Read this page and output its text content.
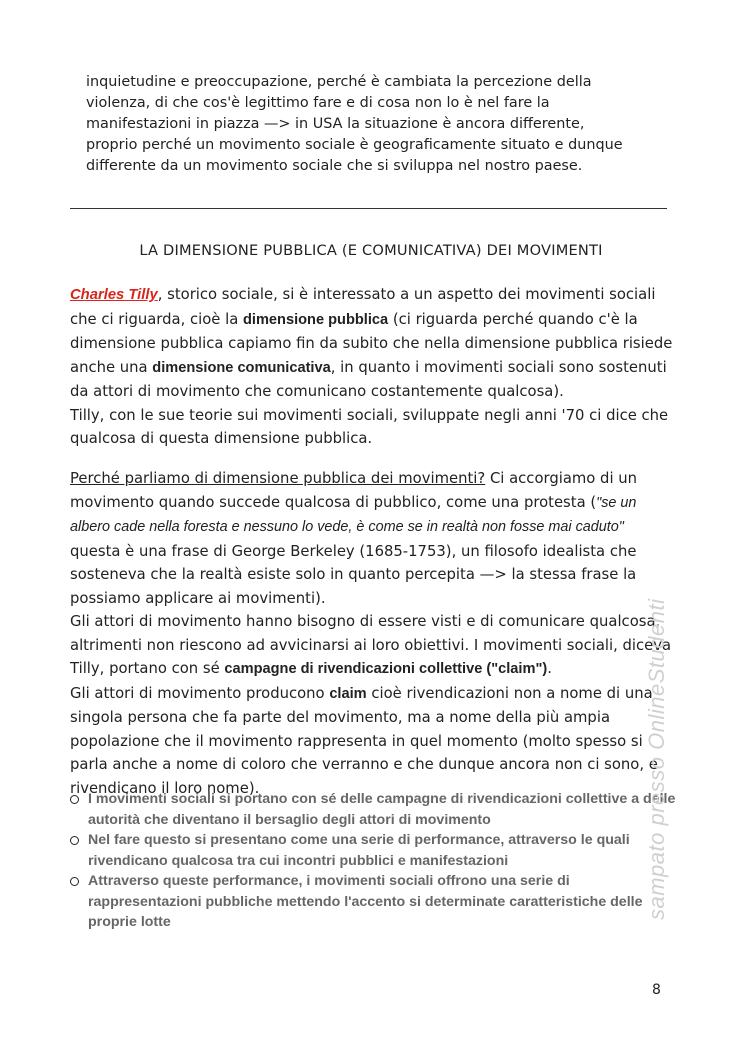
inquietudine e preoccupazione, perché è cambiata la percezione della

violenza, di che cos'è legittimo fare e di cosa non lo è nel fare la

manifestazioni in piazza —> in USA la situazione è ancora differente,

proprio perché un movimento sociale è geograficamente situato e dunque

differente da un movimento sociale che si sviluppa nel nostro paese.

LA DIMENSIONE PUBBLICA (E COMUNICATIVA) DEI MOVIMENTI

Charles Tilly, storico sociale, si è interessato a un aspetto dei movimenti sociali che ci riguarda, cioè la dimensione pubblica (ci riguarda perché quando c'è la dimensione pubblica capiamo fin da subito che nella dimensione pubblica risiede anche una dimensione comunicativa, in quanto i movimenti sociali sono sostenuti da attori di movimento che comunicano costantemente qualcosa).

Tilly, con le sue teorie sui movimenti sociali, sviluppate negli anni '70 ci dice che qualcosa di questa dimensione pubblica.

Perché parliamo di dimensione pubblica dei movimenti? Ci accorgiamo di un movimento quando succede qualcosa di pubblico, come una protesta ("se un albero cade nella foresta e nessuno lo vede, è come se in realtà non fosse mai caduto" questa è una frase di George Berkeley (1685-1753), un filosofo idealista che sosteneva che la realtà esiste solo in quanto percepita —> la stessa frase la possiamo applicare ai movimenti).

Gli attori di movimento hanno bisogno di essere visti e di comunicare qualcosa, altrimenti non riescono ad avvicinarsi ai loro obiettivi. I movimenti sociali, diceva Tilly, portano con sé campagne di rivendicazioni collettive ("claim").

Gli attori di movimento producono claim cioè rivendicazioni non a nome di una singola persona che fa parte del movimento, ma a nome della più ampia popolazione che il movimento rappresenta in quel momento (molto spesso si parla anche a nome di coloro che verranno e che dunque ancora non ci sono, e rivendicano il loro nome).

I movimenti sociali si portano con sé delle campagne di rivendicazioni collettive a delle autorità che diventano il bersaglio degli attori di movimento
Nel fare questo si presentano come una serie di performance, attraverso le quali rivendicano qualcosa tra cui incontri pubblici e manifestazioni
Attraverso queste performance, i movimenti sociali offrono una serie di rappresentazioni pubbliche mettendo l'accento si determinate caratteristiche delle proprie lotte
sampato presso OnlineStudenti
8
